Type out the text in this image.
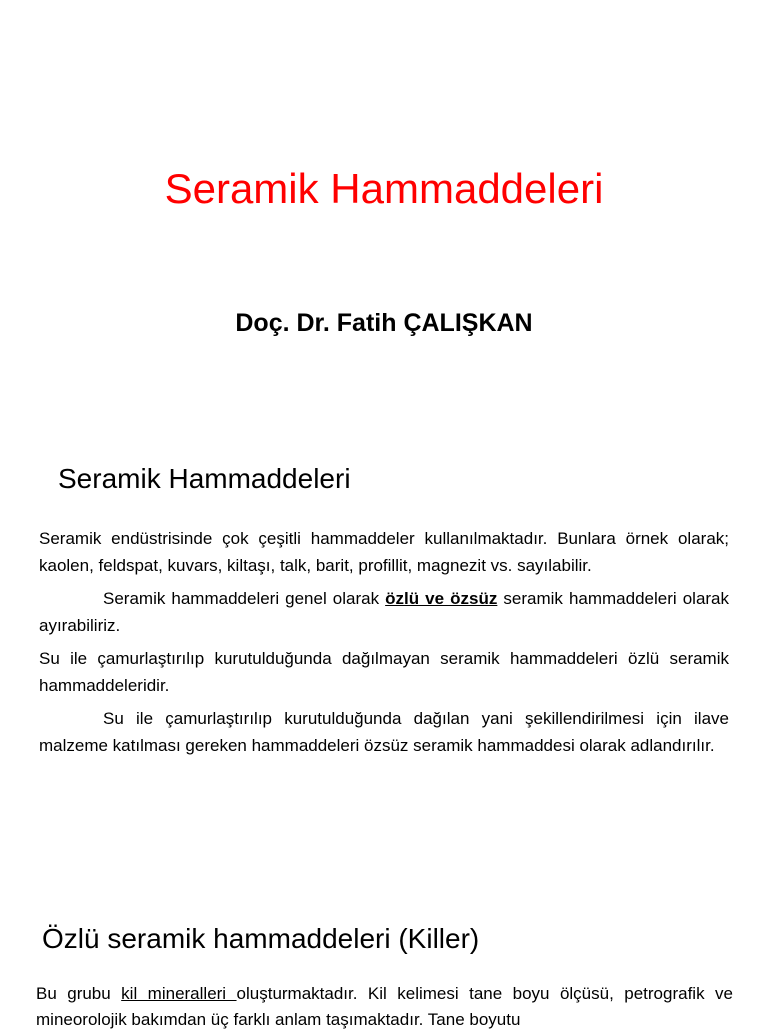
Seramik Hammaddeleri
Doç. Dr. Fatih ÇALIŞKAN
Seramik Hammaddeleri

Seramik endüstrisinde çok çeşitli hammaddeler kullanılmaktadır. Bunlara örnek olarak; kaolen, feldspat, kuvars, kiltaşı, talk, barit, profillit, magnezit vs. sayılabilir.

Seramik hammaddeleri genel olarak özlü ve özsüz seramik hammaddeleri olarak ayırabiliriz.

Su ile çamurlaştırılıp kurutulduğunda dağılmayan seramik hammaddeleri özlü seramik hammaddeleridir.

Su ile çamurlaştırılıp kurutulduğunda dağılan yani şekillendirilmesi için ilave malzeme katılması gereken hammaddeleri özsüz seramik hammaddesi olarak adlandırılır.

Özlü seramik hammaddeleri (Killer)
Bu grubu kil mineralleri oluşturmaktadır. Kil kelimesi tane boyu ölçüsü, petrografik ve mineorolojik bakımdan üç farklı anlam taşımaktadır. Tane boyutu
